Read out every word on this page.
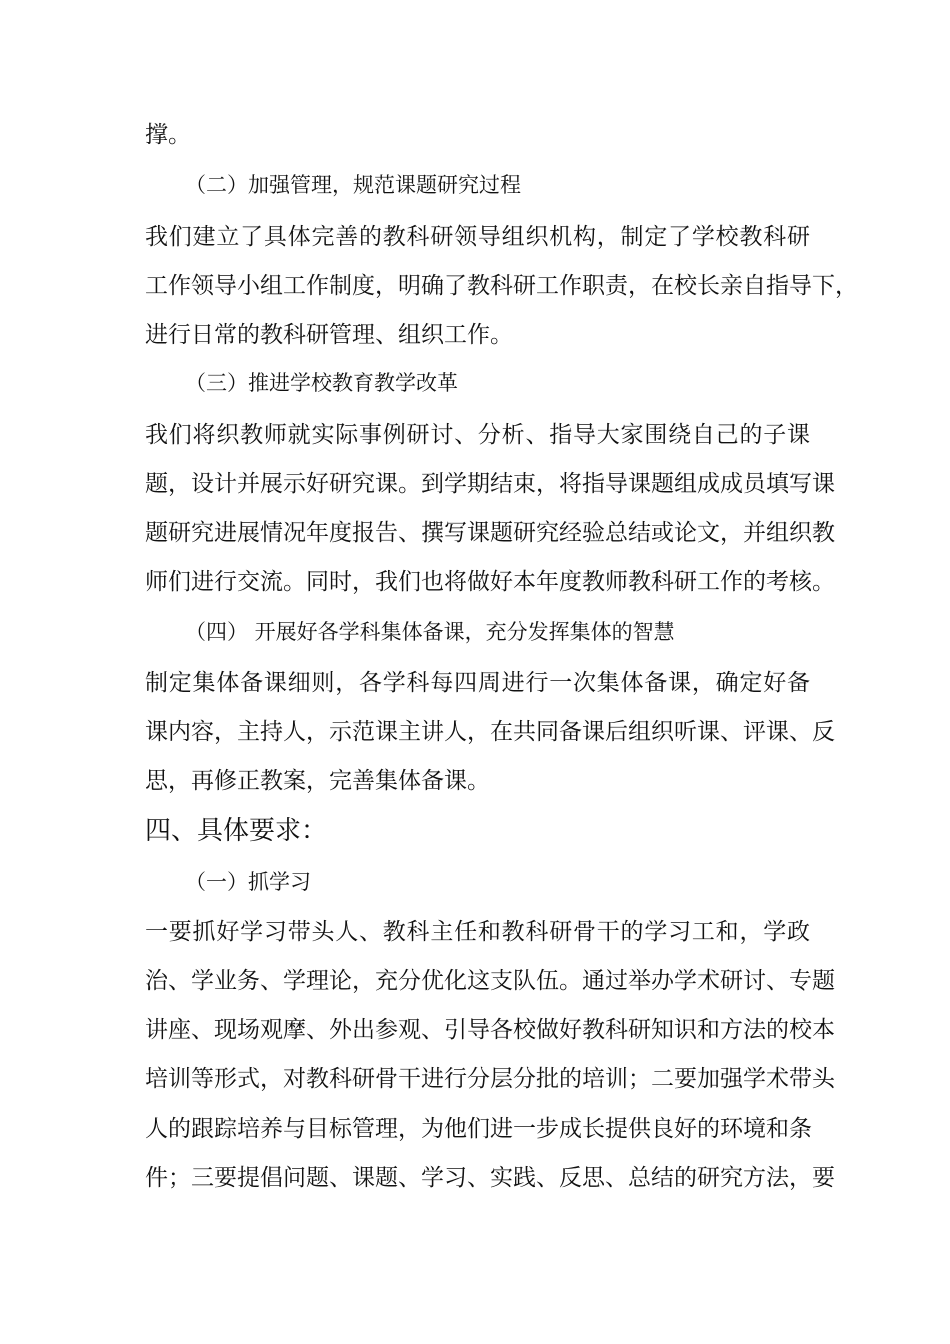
撑。
（二）加强管理，规范课题研究过程
我们建立了具体完善的教科研领导组织机构，制定了学校教科研
工作领导小组工作制度，明确了教科研工作职责，在校长亲自指导下，
进行日常的教科研管理、组织工作。
（三）推进学校教育教学改革
我们将织教师就实际事例研讨、分析、指导大家围绕自己的子课
题，设计并展示好研究课。到学期结束，将指导课题组成成员填写课
题研究进展情况年度报告、撰写课题研究经验总结或论文，并组织教
师们进行交流。同时，我们也将做好本年度教师教科研工作的考核。
（四） 开展好各学科集体备课，充分发挥集体的智慧
制定集体备课细则，各学科每四周进行一次集体备课，确定好备
课内容，主持人，示范课主讲人，在共同备课后组织听课、评课、反
思，再修正教案，完善集体备课。
四、具体要求：
（一）抓学习
一要抓好学习带头人、教科主任和教科研骨干的学习工和，学政
治、学业务、学理论，充分优化这支队伍。通过举办学术研讨、专题
讲座、现场观摩、外出参观、引导各校做好教科研知识和方法的校本
培训等形式，对教科研骨干进行分层分批的培训；二要加强学术带头
人的跟踪培养与目标管理，为他们进一步成长提供良好的环境和条
件；三要提倡问题、课题、学习、实践、反思、总结的研究方法，要
